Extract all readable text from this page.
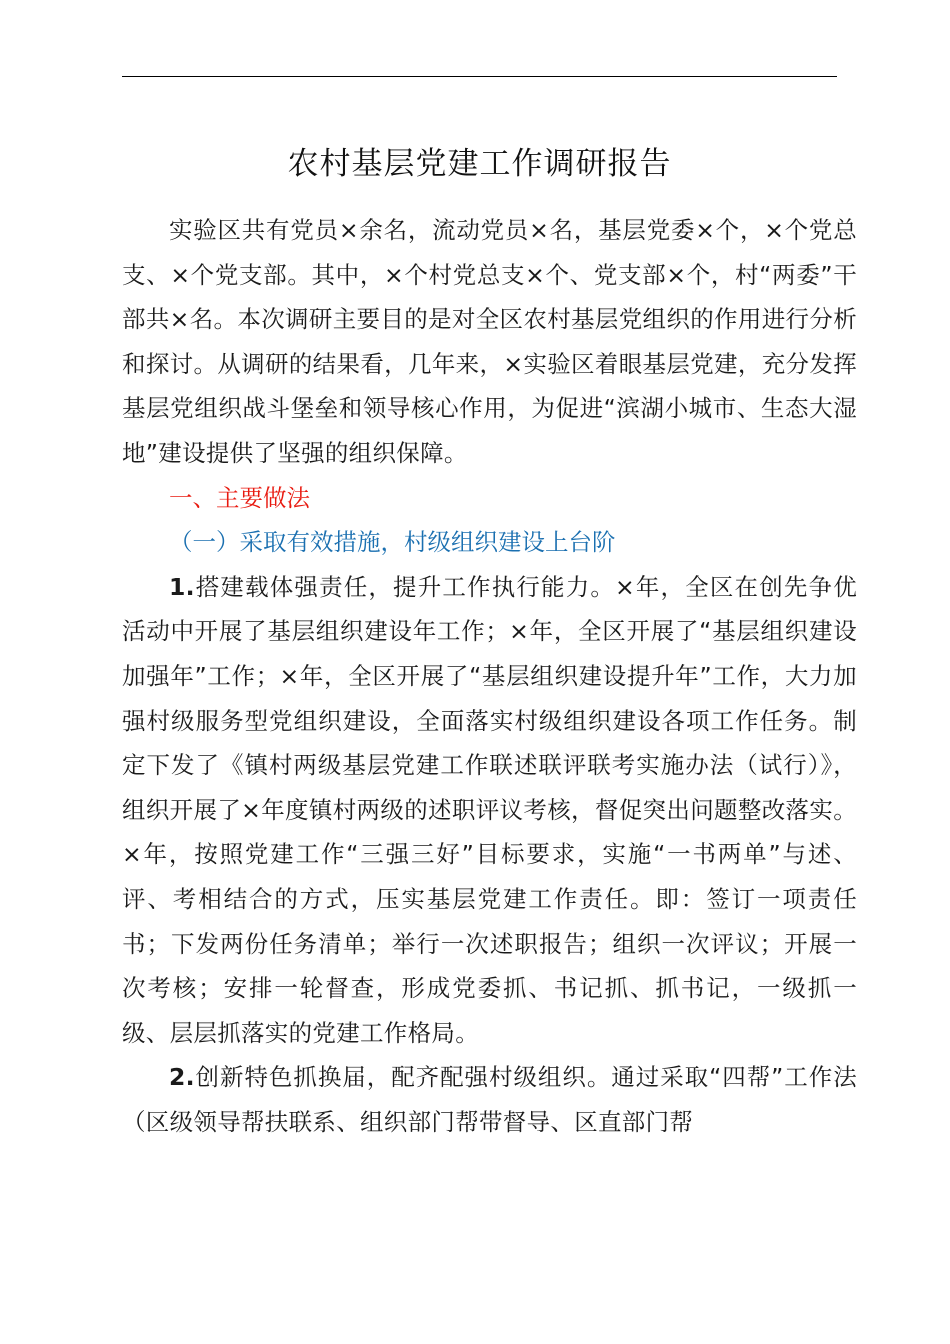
农村基层党建工作调研报告

实验区共有党员×余名，流动党员×名，基层党委×个，×个党总支、×个党支部。其中，×个村党总支×个、党支部×个，村“两委”干部共×名。本次调研主要目的是对全区农村基层党组织的作用进行分析和探讨。从调研的结果看，几年来，×实验区着眼基层党建，充分发挥基层党组织战斗堡垒和领导核心作用，为促进“滨湖小城市、生态大湿地”建设提供了坚强的组织保障。

一、主要做法

（一）采取有效措施，村级组织建设上台阶

1.搭建载体强责任，提升工作执行能力。×年，全区在创先争优活动中开展了基层组织建设年工作；×年，全区开展了“基层组织建设加强年”工作；×年，全区开展了“基层组织建设提升年”工作，大力加强村级服务型党组织建设，全面落实村级组织建设各项工作任务。制定下发了《镇村两级基层党建工作联述联评联考实施办法（试行）》，组织开展了×年度镇村两级的述职评议考核，督促突出问题整改落实。×年，按照党建工作“三强三好”目标要求，实施“一书两单”与述、评、考相结合的方式，压实基层党建工作责任。即：签订一项责任书；下发两份任务清单；举行一次述职报告；组织一次评议；开展一次考核；安排一轮督查，形成党委抓、书记抓、抓书记，一级抓一级、层层抓落实的党建工作格局。

2.创新特色抓换届，配齐配强村级组织。通过采取“四帮”工作法（区级领导帮扶联系、组织部门帮带督导、区直部门帮
